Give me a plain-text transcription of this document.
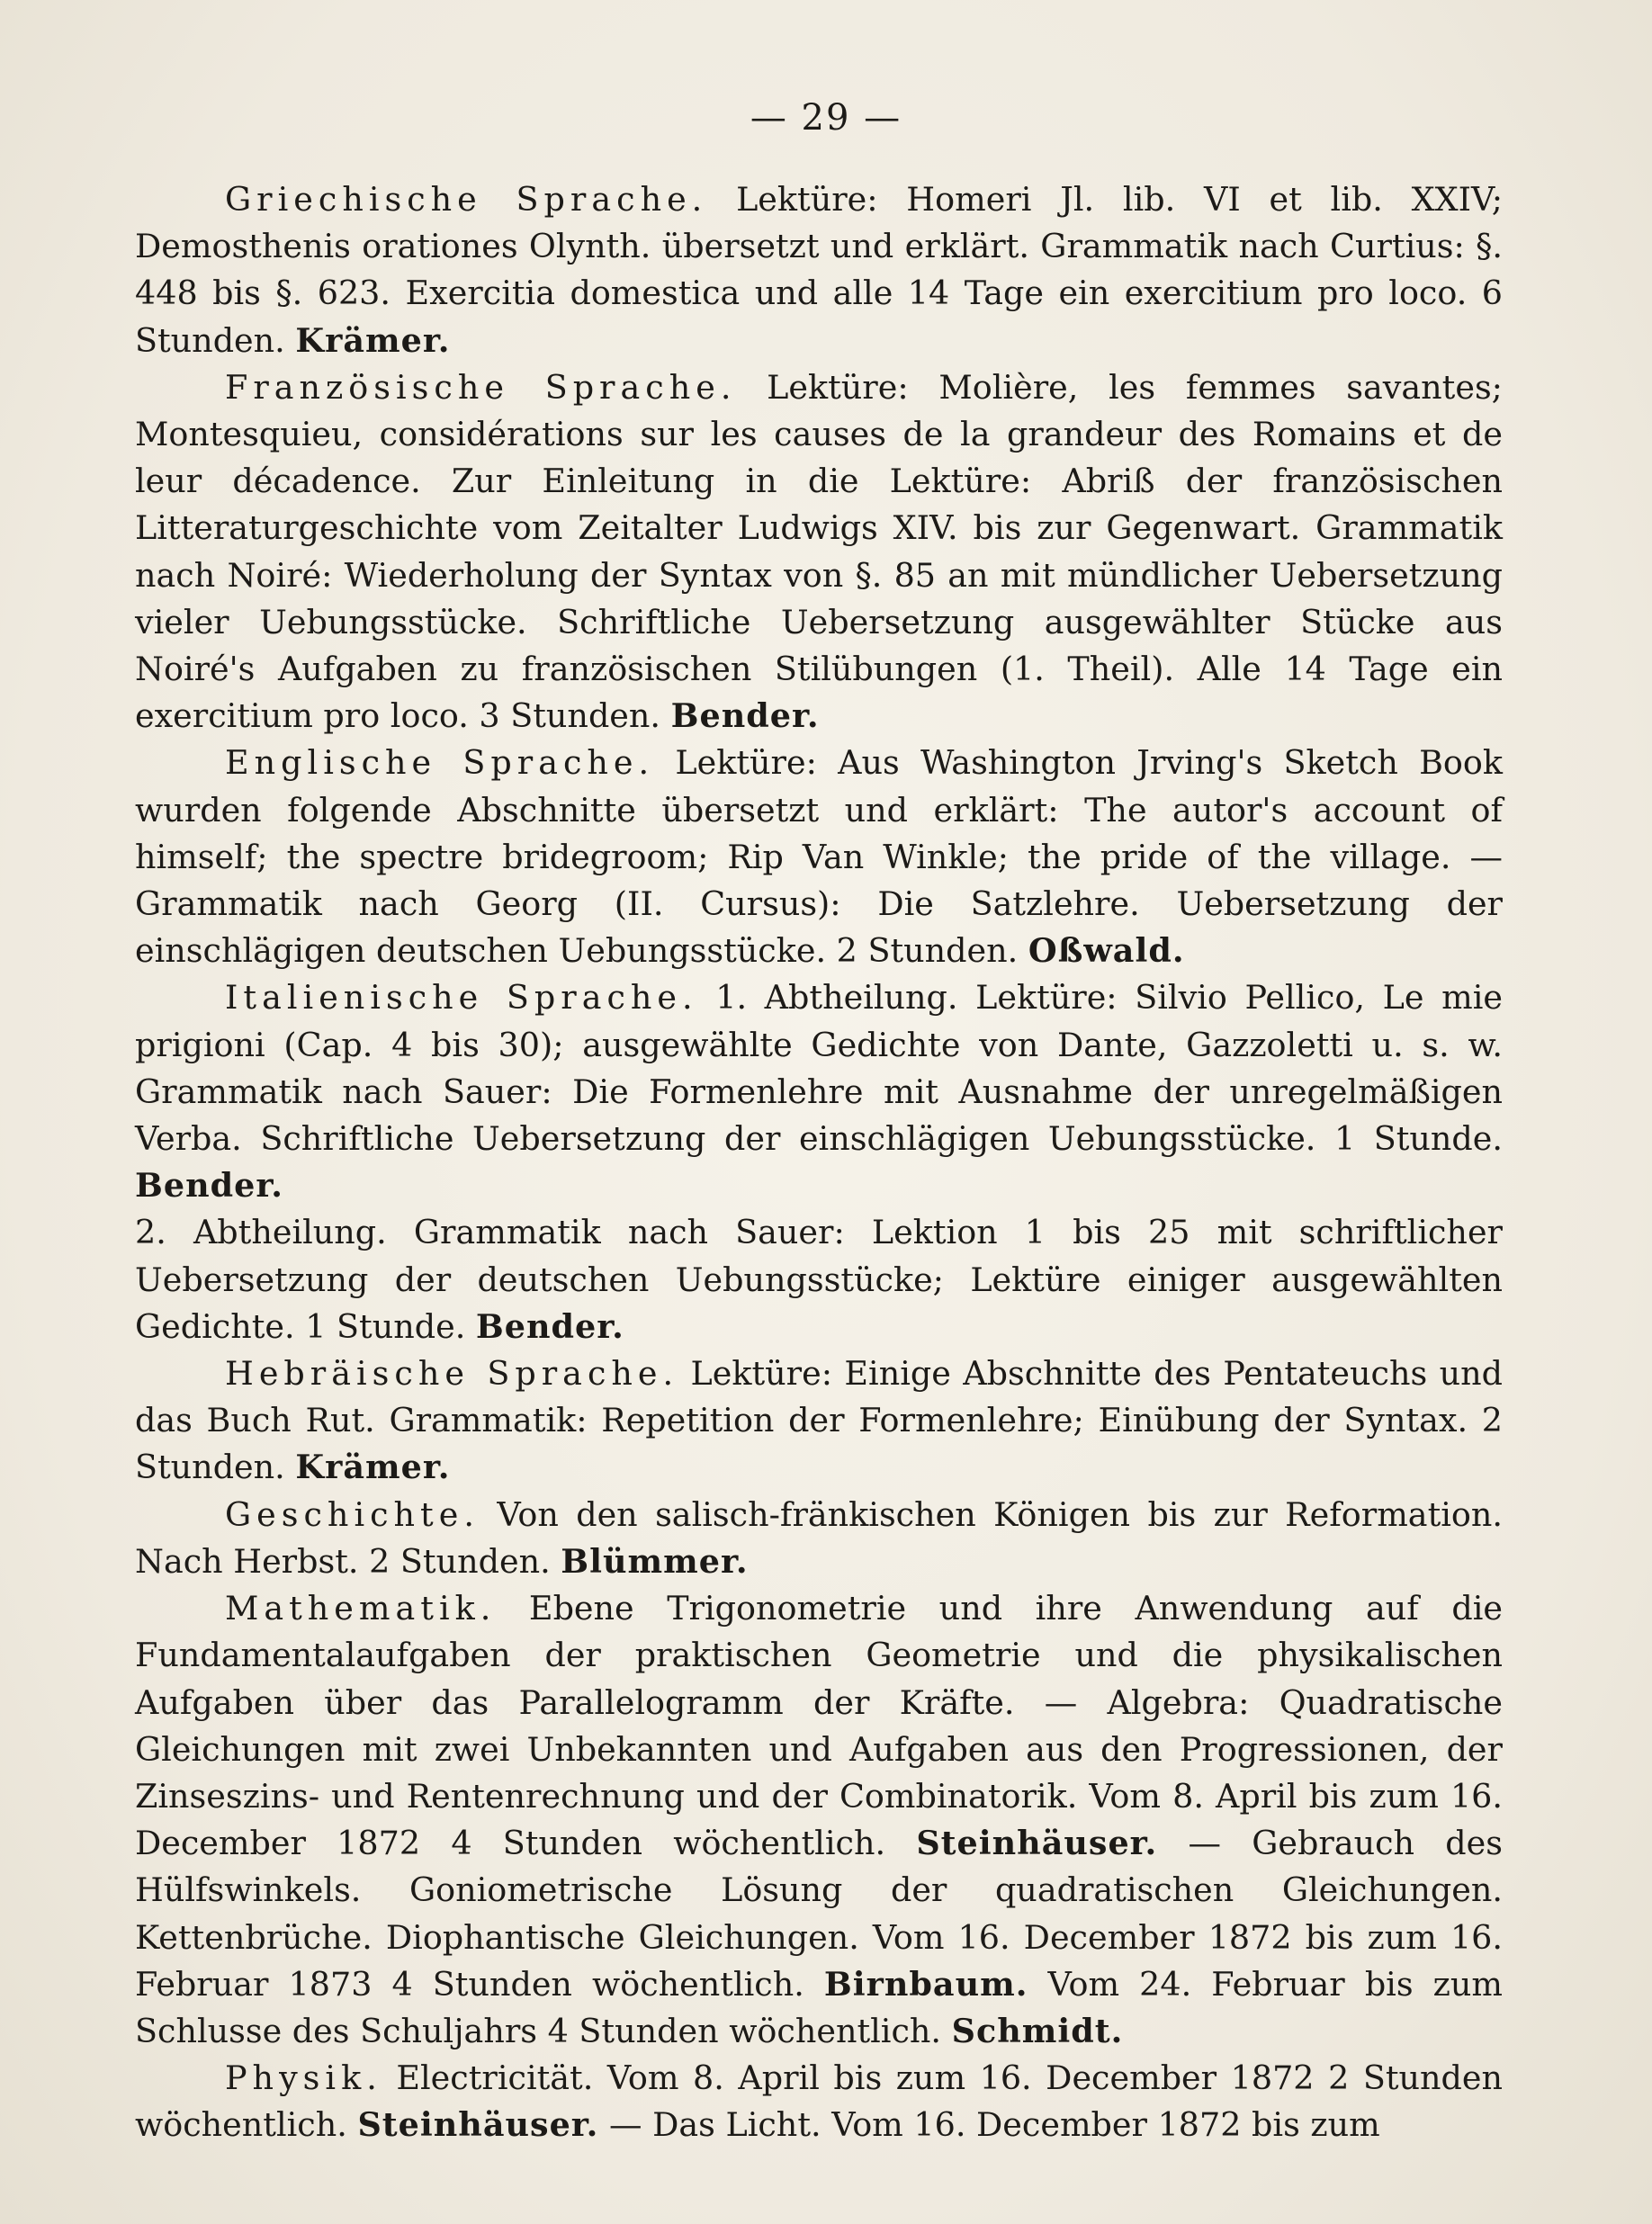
— 29 —

Griechische Sprache. Lektüre: Homeri Jl. lib. VI et lib. XXIV; Demosthenis orationes Olynth. übersetzt und erklärt. Grammatik nach Curtius: §. 448 bis §. 623. Exercitia domestica und alle 14 Tage ein exercitium pro loco. 6 Stunden. Krämer.

Französische Sprache. Lektüre: Molière, les femmes savantes; Montesquieu, considérations sur les causes de la grandeur des Romains et de leur décadence. Zur Einleitung in die Lektüre: Abriß der französischen Litteraturgeschichte vom Zeitalter Ludwigs XIV. bis zur Gegenwart. Grammatik nach Noiré: Wiederholung der Syntax von §. 85 an mit mündlicher Uebersetzung vieler Uebungsstücke. Schriftliche Uebersetzung ausgewählter Stücke aus Noiré's Aufgaben zu französischen Stilübungen (1. Theil). Alle 14 Tage ein exercitium pro loco. 3 Stunden. Bender.

Englische Sprache. Lektüre: Aus Washington Jrving's Sketch Book wurden folgende Abschnitte übersetzt und erklärt: The autor's account of himself; the spectre bridegroom; Rip Van Winkle; the pride of the village. — Grammatik nach Georg (II. Cursus): Die Satzlehre. Uebersetzung der einschlägigen deutschen Uebungsstücke. 2 Stunden. Oßwald.

Italienische Sprache. 1. Abtheilung. Lektüre: Silvio Pellico, Le mie prigioni (Cap. 4 bis 30); ausgewählte Gedichte von Dante, Gazzoletti u. s. w. Grammatik nach Sauer: Die Formenlehre mit Ausnahme der unregelmäßigen Verba. Schriftliche Uebersetzung der einschlägigen Uebungsstücke. 1 Stunde. Bender.

2. Abtheilung. Grammatik nach Sauer: Lektion 1 bis 25 mit schriftlicher Uebersetzung der deutschen Uebungsstücke; Lektüre einiger ausgewählten Gedichte. 1 Stunde. Bender.

Hebräische Sprache. Lektüre: Einige Abschnitte des Pentateuchs und das Buch Rut. Grammatik: Repetition der Formenlehre; Einübung der Syntax. 2 Stunden. Krämer.

Geschichte. Von den salisch-fränkischen Königen bis zur Reformation. Nach Herbst. 2 Stunden. Blümmer.

Mathematik. Ebene Trigonometrie und ihre Anwendung auf die Fundamentalaufgaben der praktischen Geometrie und die physikalischen Aufgaben über das Parallelogramm der Kräfte. — Algebra: Quadratische Gleichungen mit zwei Unbekannten und Aufgaben aus den Progressionen, der Zinseszins- und Rentenrechnung und der Combinatorik. Vom 8. April bis zum 16. December 1872 4 Stunden wöchentlich. Steinhäuser. — Gebrauch des Hülfswinkels. Goniometrische Lösung der quadratischen Gleichungen. Kettenbrüche. Diophantische Gleichungen. Vom 16. December 1872 bis zum 16. Februar 1873 4 Stunden wöchentlich. Birnbaum. Vom 24. Februar bis zum Schlusse des Schuljahrs 4 Stunden wöchentlich. Schmidt.

Physik. Electricität. Vom 8. April bis zum 16. December 1872 2 Stunden wöchentlich. Steinhäuser. — Das Licht. Vom 16. December 1872 bis zum
